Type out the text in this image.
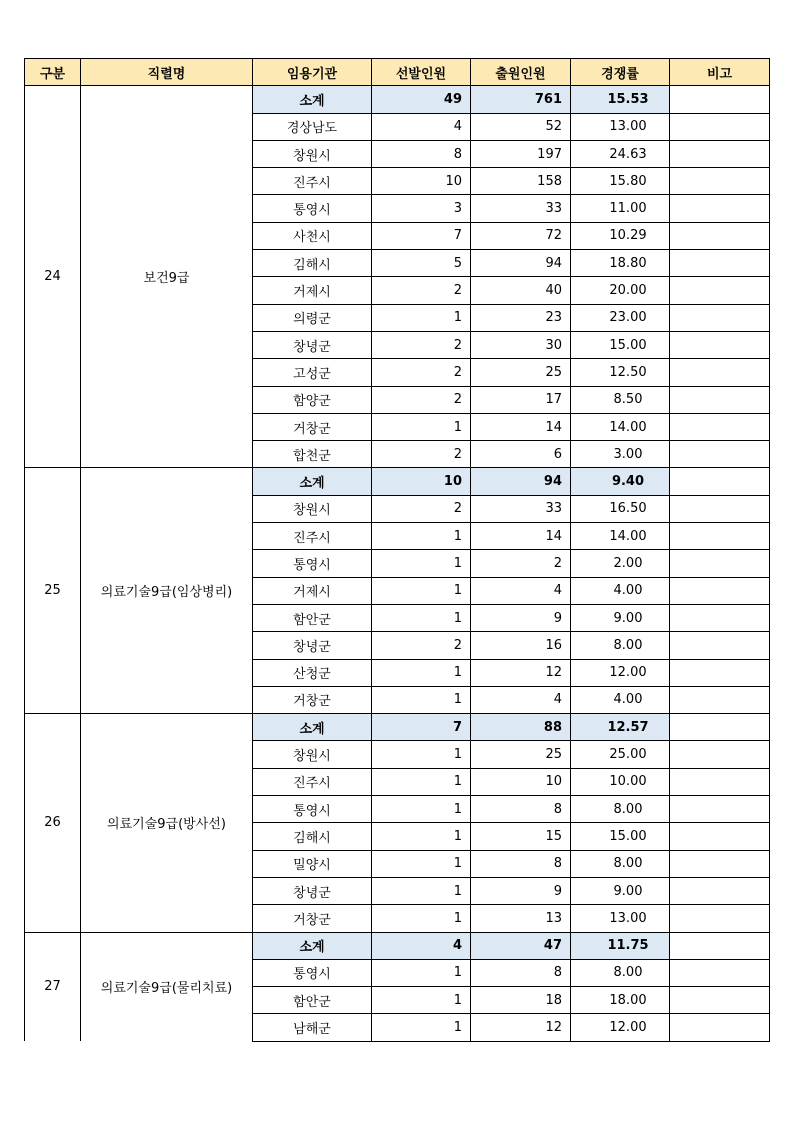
구분	직렬명	임용기관	선발인원	출원인원	경쟁률	비고
24	보건9급	소계	49	761	15.53	
		경상남도	4	52	13.00	
		창원시	8	197	24.63	
		진주시	10	158	15.80	
		통영시	3	33	11.00	
		사천시	7	72	10.29	
		김해시	5	94	18.80	
		거제시	2	40	20.00	
		의령군	1	23	23.00	
		창녕군	2	30	15.00	
		고성군	2	25	12.50	
		함양군	2	17	8.50	
		거창군	1	14	14.00	
		합천군	2	6	3.00	
25	의료기술9급(임상병리)	소계	10	94	9.40	
		창원시	2	33	16.50	
		진주시	1	14	14.00	
		통영시	1	2	2.00	
		거제시	1	4	4.00	
		함안군	1	9	9.00	
		창녕군	2	16	8.00	
		산청군	1	12	12.00	
		거창군	1	4	4.00	
26	의료기술9급(방사선)	소계	7	88	12.57	
		창원시	1	25	25.00	
		진주시	1	10	10.00	
		통영시	1	8	8.00	
		김해시	1	15	15.00	
		밀양시	1	8	8.00	
		창녕군	1	9	9.00	
		거창군	1	13	13.00	
27	의료기술9급(물리치료)	소계	4	47	11.75	
		통영시	1	8	8.00	
		함안군	1	18	18.00	
		남해군	1	12	12.00	
